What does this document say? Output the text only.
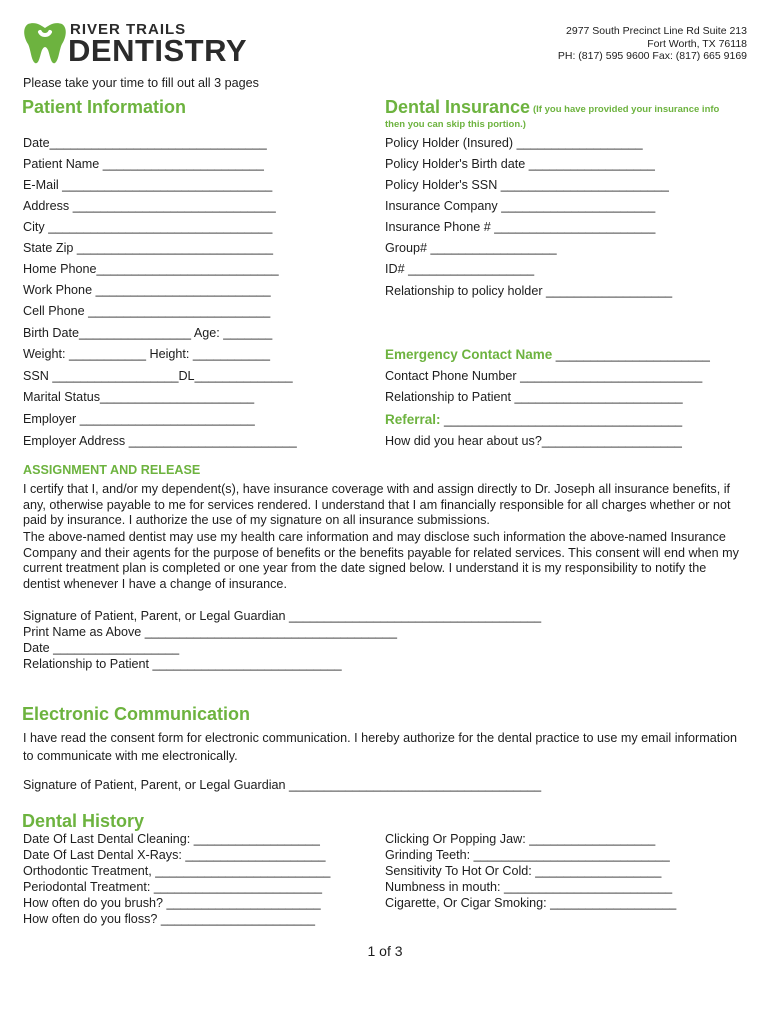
RIVER TRAILS
DENTISTRY
2977 South Precinct Line Rd Suite 213
Fort Worth, TX 76118
PH: (817) 595 9600 Fax: (817) 665 9169
Please take your time to fill out all 3 pages
Patient Information
Date_______________________________
Patient Name _______________________
E-Mail ______________________________
Address _____________________________
City ________________________________
State Zip ____________________________
Home Phone__________________________
Work Phone _________________________
Cell Phone __________________________
Birth Date________________ Age: _______
Weight: ___________ Height: ___________
SSN __________________DL______________
Marital Status______________________
Employer _________________________
Employer Address ________________________
Dental Insurance (If you have provided your insurance info
then you can skip this portion.)
Policy Holder (Insured) __________________
Policy Holder's Birth date __________________
Policy Holder's SSN ________________________
Insurance Company ______________________
Insurance Phone # _______________________
Group# __________________
ID# __________________
Relationship to policy holder __________________
Emergency Contact Name ______________________
Contact Phone Number __________________________
Relationship to Patient ________________________
Referral: __________________________________
How did you hear about us?____________________
ASSIGNMENT AND RELEASE
I certify that I, and/or my dependent(s), have insurance coverage with and assign directly to Dr. Joseph all insurance benefits, if any, otherwise payable to me for services rendered. I understand that I am financially responsible for all charges whether or not paid by insurance. I authorize the use of my signature on all insurance submissions.
The above-named dentist may use my health care information and may disclose such information the above-named Insurance Company and their agents for the purpose of benefits or the benefits payable for related services. This consent will end when my current treatment plan is completed or one year from the date signed below. I understand it is my responsibility to notify the dentist whenever I have a change of insurance.
Signature of Patient, Parent, or Legal Guardian ____________________________________
Print Name as Above ____________________________________
Date __________________
Relationship to Patient ___________________________
Electronic Communication
I have read the consent form for electronic communication. I hereby authorize for the dental practice to use my email information to communicate with me electronically.
Signature of Patient, Parent, or Legal Guardian ____________________________________
Dental History
Date Of Last Dental Cleaning: __________________
Date Of Last Dental X-Rays: ____________________
Orthodontic Treatment, _________________________
Periodontal Treatment: ________________________
How often do you brush? ______________________
How often do you floss? ______________________
Clicking Or Popping Jaw: __________________
Grinding Teeth: ____________________________
Sensitivity To Hot Or Cold: __________________
Numbness in mouth: ________________________
Cigarette, Or Cigar Smoking: __________________
1 of 3
